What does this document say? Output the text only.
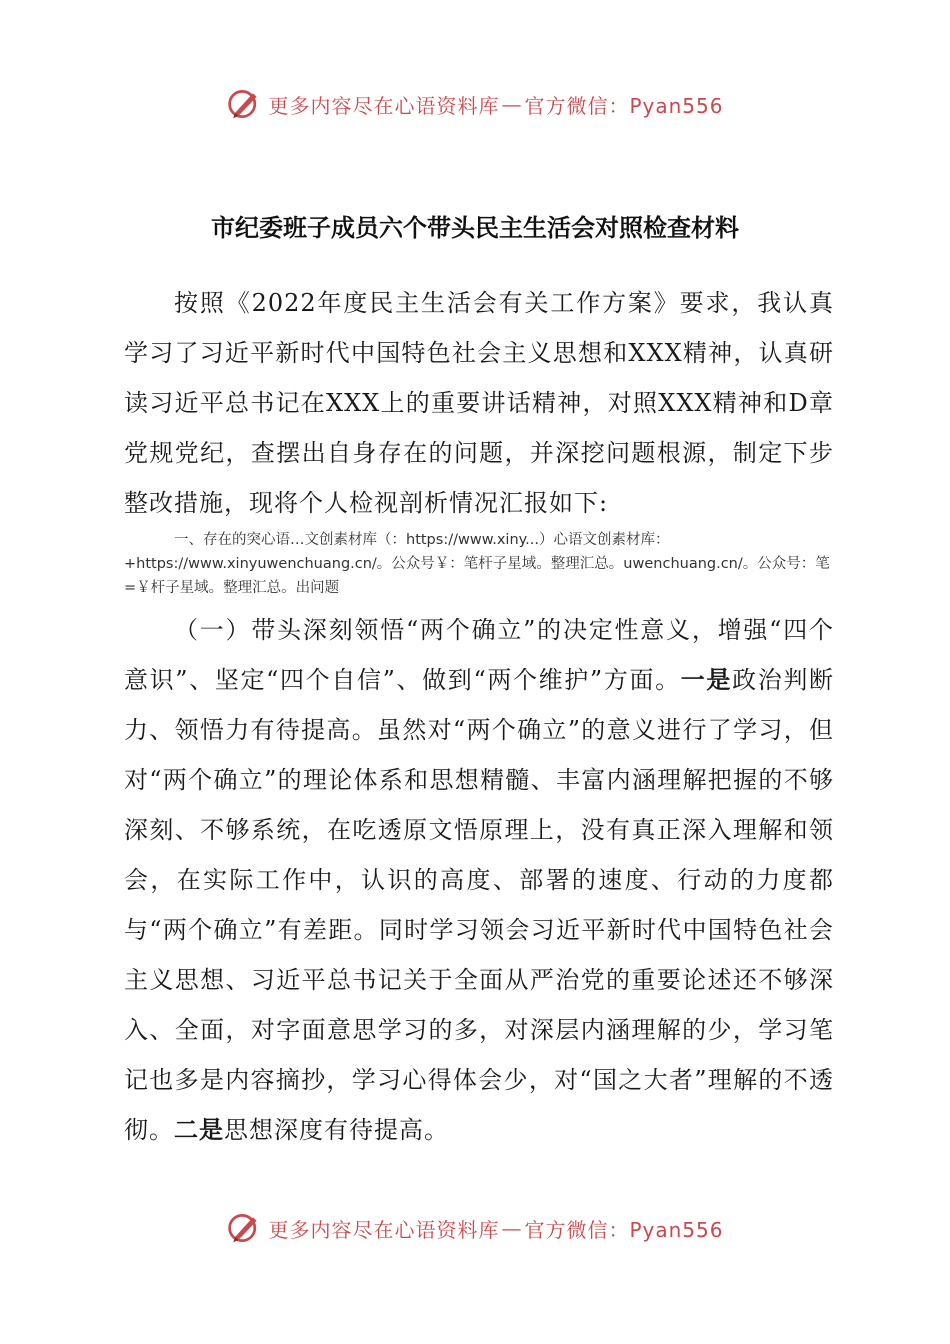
更多内容尽在心语资料库 — 官方微信：Pyan556
市纪委班子成员六个带头民主生活会对照检查材料
按照《2022年度民主生活会有关工作方案》要求，我认真学习了习近平新时代中国特色社会主义思想和XXX精神，认真研读习近平总书记在XXX上的重要讲话精神，对照XXX精神和D章党规党纪，查摆出自身存在的问题，并深挖问题根源，制定下步整改措施，现将个人检视剖析情况汇报如下:
一、存在的突心语…文创素材库（：https://www.xiny...）心语文创素材库：+https://www.xinyuwenchuang.cn/。公众号￥：笔杆子星域。整理汇总。uwenchuang.cn/。公众号：笔=￥杆子星域。整理汇总。出问题
（一）带头深刻领悟“两个确立”的决定性意义，增强“四个意识”、坚定“四个自信”、做到“两个维护”方面。一是政治判断力、领悟力有待提高。虽然对“两个确立”的意义进行了学习，但对“两个确立”的理论体系和思想精髓、丰富内涵理解把握的不够深刻、不够系统，在吃透原文悟原理上，没有真正深入理解和领会，在实际工作中，认识的高度、部署的速度、行动的力度都与“两个确立”有差距。同时学习领会习近平新时代中国特色社会主义思想、习近平总书记关于全面从严治党的重要论述还不够深入、全面，对字面意思学习的多，对深层内涵理解的少，学习笔记也多是内容摘抄，学习心得体会少，对“国之大者”理解的不透彻。二是思想深度有待提高。
更多内容尽在心语资料库 — 官方微信：Pyan556
